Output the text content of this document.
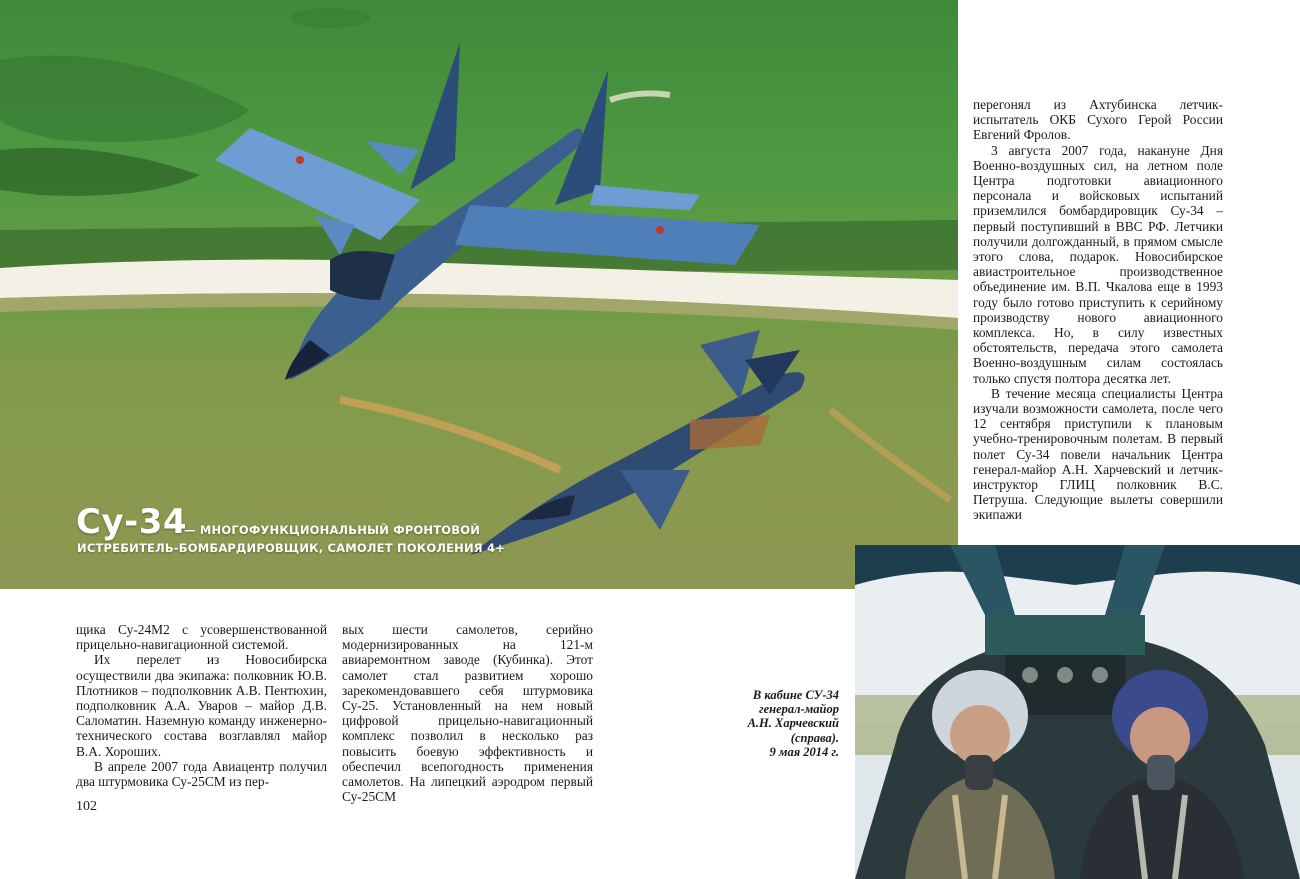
Су-34
— МНОГОФУНКЦИОНАЛЬНЫЙ ФРОНТОВОЙ
ИСТРЕБИТЕЛЬ-БОМБАРДИРОВЩИК, САМОЛЕТ ПОКОЛЕНИЯ 4+

перегонял из Ахтубинска летчик-испытатель ОКБ Сухого Герой России Евгений Фролов.

3 августа 2007 года, накануне Дня Военно-воздушных сил, на летном поле Центра подготовки авиационного персонала и войсковых испытаний приземлился бомбардировщик Су-34 – первый поступивший в ВВС РФ. Летчики получили долгожданный, в прямом смысле этого слова, подарок. Новосибирское авиастроительное производственное объединение им. В.П. Чкалова еще в 1993 году было готово приступить к серийному производству нового авиационного комплекса. Но, в силу известных обстоятельств, передача этого самолета Военно-воздушным силам состоялась только спустя полтора десятка лет.

В течение месяца специалисты Центра изучали возможности самолета, после чего 12 сентября приступили к плановым учебно-тренировочным полетам. В первый полет Су-34 повели начальник Центра генерал-майор А.Н. Харчевский и летчик-инструктор ГЛИЦ полковник В.С. Петруша. Следующие вылеты совершили экипажи

щика Су-24М2 с усовершенствованной прицельно-навигационной системой.

Их перелет из Новосибирска осуществили два экипажа: полковник Ю.В. Плотников – подполковник А.В. Пентюхин, подполковник А.А. Уваров – майор Д.В. Саломатин. Наземную команду инженерно-технического состава возглавлял майор В.А. Хороших.

В апреле 2007 года Авиацентр получил два штурмовика Су-25СМ из пер-

вых шести самолетов, серийно модернизированных на 121-м авиаремонтном заводе (Кубинка). Этот самолет стал развитием хорошо зарекомендовавшего себя штурмовика Су-25. Установленный на нем новый цифровой прицельно-навигационный комплекс позволил в несколько раз повысить боевую эффективность и обеспечил всепогодность применения самолетов. На липецкий аэродром первый Су-25СМ

102
В кабине СУ-34
генерал-майор
А.Н. Харчевский
(справа).
9 мая 2014 г.
